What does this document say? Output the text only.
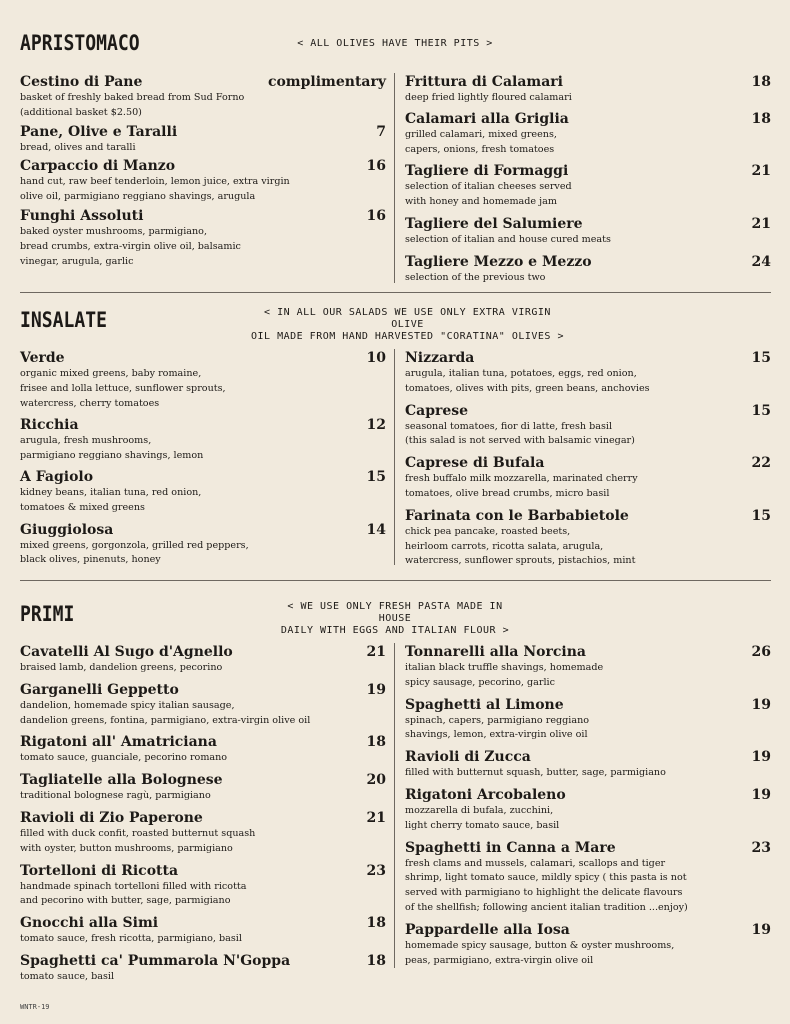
APRISTOMACO	< ALL OLIVES HAVE THEIR PITS >
Cestino di Pane	complimentary
basket of freshly baked bread from Sud Forno
(additional basket $2.50)
Pane, Olive e Taralli	7
bread, olives and taralli
Carpaccio di Manzo	16
hand cut, raw beef tenderloin, lemon juice, extra virgin
olive oil, parmigiano reggiano shavings, arugula
Funghi Assoluti	16
baked oyster mushrooms, parmigiano,
bread crumbs, extra-virgin olive oil, balsamic
vinegar, arugula, garlic
Frittura di Calamari	18
deep fried lightly floured calamari
Calamari alla Griglia	18
grilled calamari, mixed greens,
capers, onions, fresh tomatoes
Tagliere di Formaggi	21
selection of italian cheeses served
with honey and homemade jam
Tagliere del Salumiere	21
selection of italian and house cured meats
Tagliere Mezzo e Mezzo	24
selection of the previous two
INSALATE	< IN ALL OUR SALADS WE USE ONLY EXTRA VIRGIN OLIVE
OIL MADE FROM HAND HARVESTED "CORATINA" OLIVES >
Verde	10
organic mixed greens, baby romaine,
frisee and lolla lettuce, sunflower sprouts,
watercress, cherry tomatoes
Ricchia	12
arugula, fresh mushrooms,
parmigiano reggiano shavings, lemon
A Fagiolo	15
kidney beans, italian tuna, red onion,
tomatoes & mixed greens
Giuggiolosa	14
mixed greens, gorgonzola, grilled red peppers,
black olives, pinenuts, honey
Nizzarda	15
arugula, italian tuna, potatoes, eggs, red onion,
tomatoes, olives with pits, green beans, anchovies
Caprese	15
seasonal tomatoes, fior di latte, fresh basil
(this salad is not served with balsamic vinegar)
Caprese di Bufala	22
fresh buffalo milk mozzarella, marinated cherry
tomatoes, olive bread crumbs, micro basil
Farinata con le Barbabietole	15
chick pea pancake, roasted beets,
heirloom carrots, ricotta salata, arugula,
watercress, sunflower sprouts, pistachios, mint
PRIMI	< WE USE ONLY FRESH PASTA MADE IN HOUSE
DAILY WITH EGGS AND ITALIAN FLOUR >
Cavatelli Al Sugo d'Agnello	21
braised lamb, dandelion greens, pecorino
Garganelli Geppetto	19
dandelion, homemade spicy italian sausage,
dandelion greens, fontina, parmigiano, extra-virgin olive oil
Rigatoni all' Amatriciana	18
tomato sauce, guanciale, pecorino romano
Tagliatelle alla Bolognese	20
traditional bolognese ragù, parmigiano
Ravioli di Zio Paperone	21
filled with duck confit, roasted butternut squash
with oyster, button mushrooms, parmigiano
Tortelloni di Ricotta	23
handmade spinach tortelloni filled with ricotta
and pecorino with butter, sage, parmigiano
Gnocchi alla Simi	18
tomato sauce, fresh ricotta, parmigiano, basil
Spaghetti ca' Pummarola N'Goppa	18
tomato sauce, basil
Tonnarelli alla Norcina	26
italian black truffle shavings, homemade
spicy sausage, pecorino, garlic
Spaghetti al Limone	19
spinach, capers, parmigiano reggiano
shavings, lemon, extra-virgin olive oil
Ravioli di Zucca	19
filled with butternut squash, butter, sage, parmigiano
Rigatoni Arcobaleno	19
mozzarella di bufala, zucchini,
light cherry tomato sauce, basil
Spaghetti in Canna a Mare	23
fresh clams and mussels, calamari, scallops and tiger
shrimp, light tomato sauce, mildly spicy ( this pasta is not
served with parmigiano to highlight the delicate flavours
of the shellfish; following ancient italian tradition ...enjoy)
Pappardelle alla Iosa	19
homemade spicy sausage, button & oyster mushrooms,
peas, parmigiano, extra-virgin olive oil
WNTR-19
